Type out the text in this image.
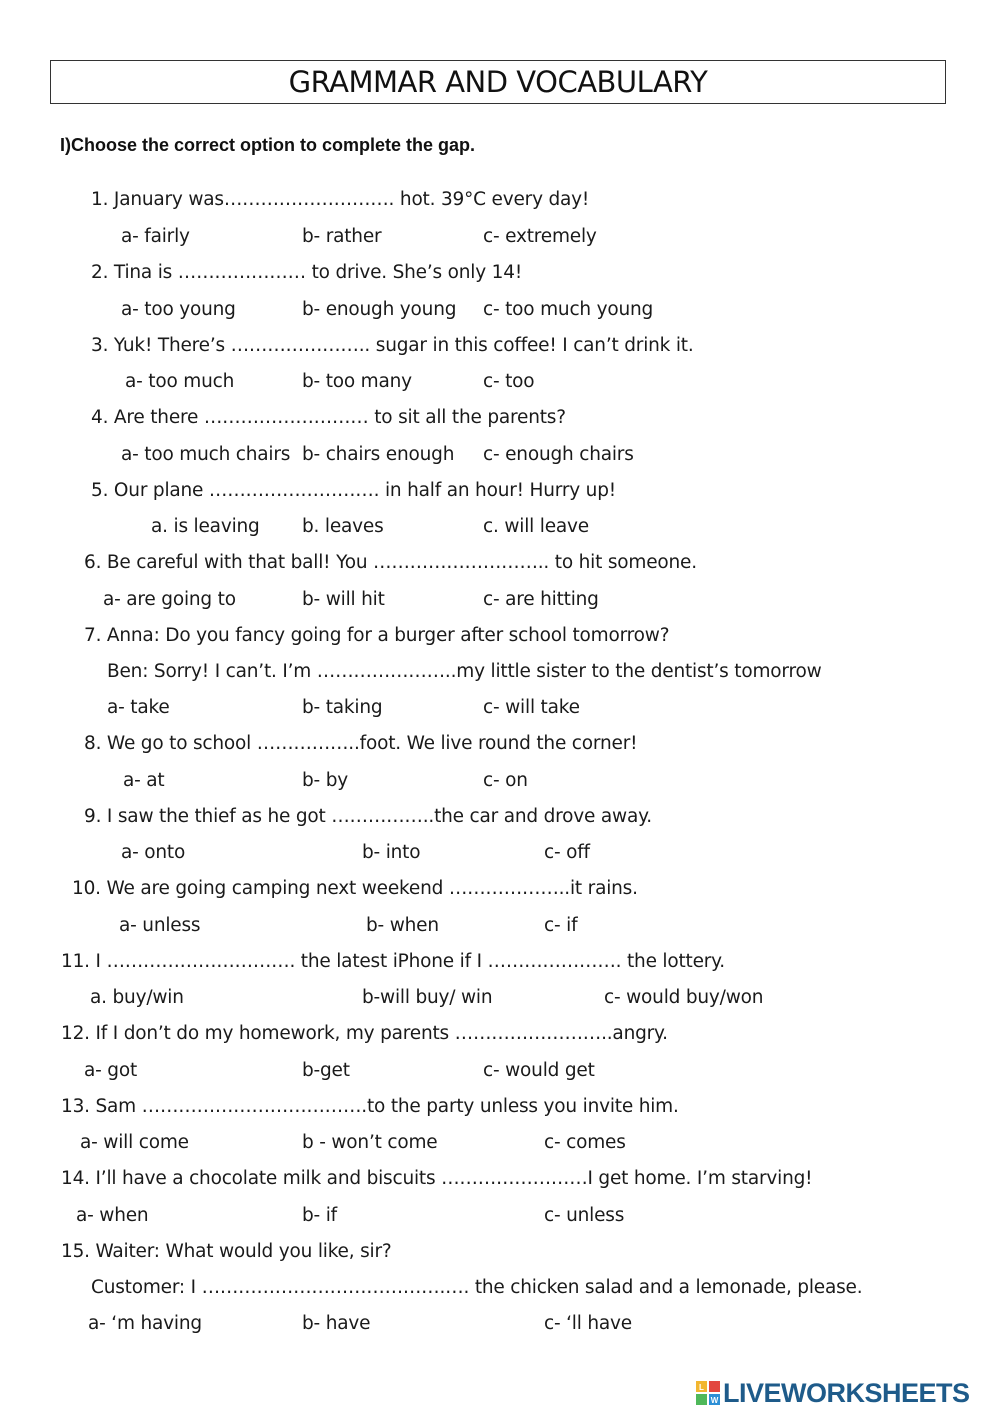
GRAMMAR AND VOCABULARY
I)Choose the correct option to complete the gap.
1. January was………………………. hot. 39°C every day!
a- fairly	b- rather	c- extremely
2. Tina is ………………… to drive. She’s only 14!
a- too young	b- enough young c- too much young
3. Yuk! There’s ………………….. sugar in this coffee! I can’t drink it.
a- too much	b- too many	c- too
4. Are there ……………………… to sit all the parents?
a- too much chairs b- chairs enough c- enough chairs
5. Our plane ………………………. in half an hour! Hurry up!
a. is leaving b. leaves	c. will leave
6. Be careful with that ball! You ……………………….. to hit someone.
a- are going to	b- will hit	c- are hitting
7. Anna: Do you fancy going for a burger after school tomorrow?
Ben: Sorry! I can’t. I’m …………………..my little sister to the dentist’s tomorrow
a- take	b- taking	c- will take
8. We go to school ……………..foot. We live round the corner!
a- at	b- by	c- on
9. I saw the thief as he got ……………..the car and drove away.
a- onto	b- into	c- off
10. We are going camping next weekend ………………..it rains.
a- unless	b- when	c- if
11. I …………………………. the latest iPhone if I …………………. the lottery.
a. buy/win	b-will buy/ win	c- would buy/won
12. If I don’t do my homework, my parents ……………………..angry.
a- got	b-get	c- would get
13. Sam ……………………………….to the party unless you invite him.
a- will come	b - won’t come	c- comes
14. I’ll have a chocolate milk and biscuits ……………………I get home. I’m starving!
a- when	b- if	c- unless
15. Waiter: What would you like, sir?
Customer: I ………………………………….…. the chicken salad and a lemonade, please.
a- ‘m having	b- have	c- ‘ll have
L
W LIVEWORKSHEETS
